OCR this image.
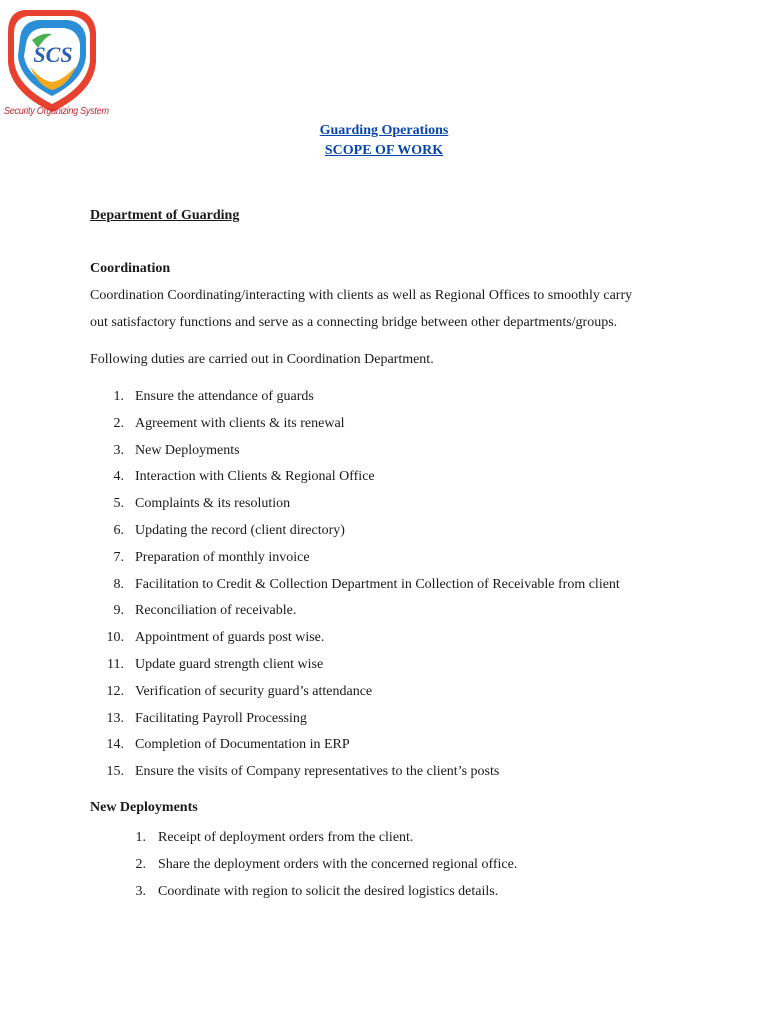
SCS
Security Organizing System
Guarding Operations
SCOPE OF WORK
Department of Guarding
Coordination
Coordination Coordinating/interacting with clients as well as Regional Offices to smoothly carry
out satisfactory functions and serve as a connecting bridge between other departments/groups.
Following duties are carried out in Coordination Department.
1. Ensure the attendance of guards
2. Agreement with clients & its renewal
3. New Deployments
4. Interaction with Clients & Regional Office
5. Complaints & its resolution
6. Updating the record (client directory)
7. Preparation of monthly invoice
8. Facilitation to Credit & Collection Department in Collection of Receivable from client
9. Reconciliation of receivable.
10. Appointment of guards post wise.
11. Update guard strength client wise
12. Verification of security guard’s attendance
13. Facilitating Payroll Processing
14. Completion of Documentation in ERP
15. Ensure the visits of Company representatives to the client’s posts
New Deployments
1. Receipt of deployment orders from the client.
2. Share the deployment orders with the concerned regional office.
3. Coordinate with region to solicit the desired logistics details.
